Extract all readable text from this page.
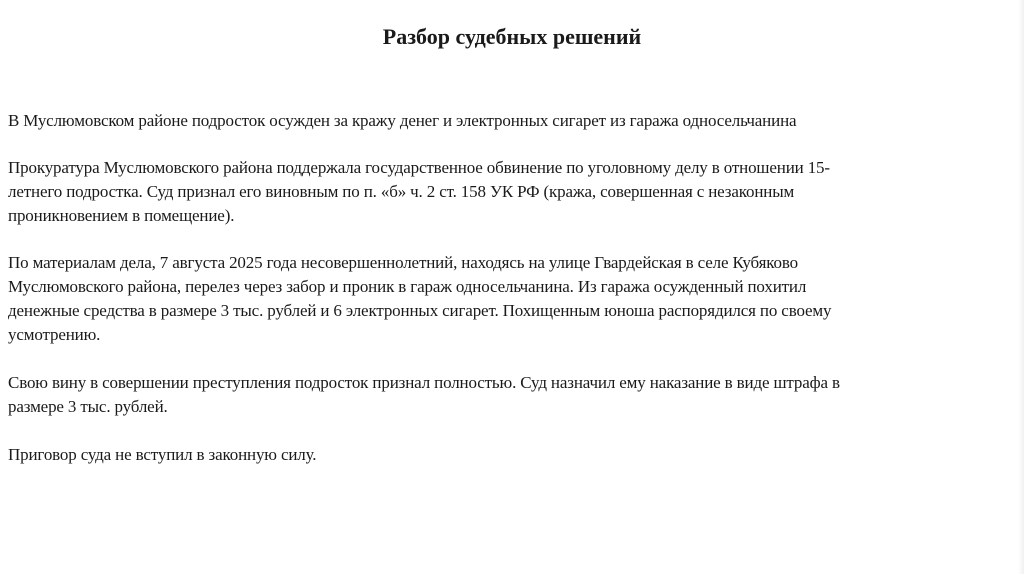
Разбор судебных решений

В Муслюмовском районе подросток осужден за кражу денег и электронных сигарет из гаража односельчанина

Прокуратура Муслюмовского района поддержала государственное обвинение по уголовному делу в отношении 15-
летнего подростка. Суд признал его виновным по п. «б» ч. 2 ст. 158 УК РФ (кража, совершенная с незаконным
проникновением в помещение).

По материалам дела, 7 августа 2025 года несовершеннолетний, находясь на улице Гвардейская в селе Кубяково
Муслюмовского района, перелез через забор и проник в гараж односельчанина. Из гаража осужденный похитил
денежные средства в размере 3 тыс. рублей и 6 электронных сигарет. Похищенным юноша распорядился по своему
усмотрению.

Свою вину в совершении преступления подросток признал полностью. Суд назначил ему наказание в виде штрафа в
размере 3 тыс. рублей.

Приговор суда не вступил в законную силу.
